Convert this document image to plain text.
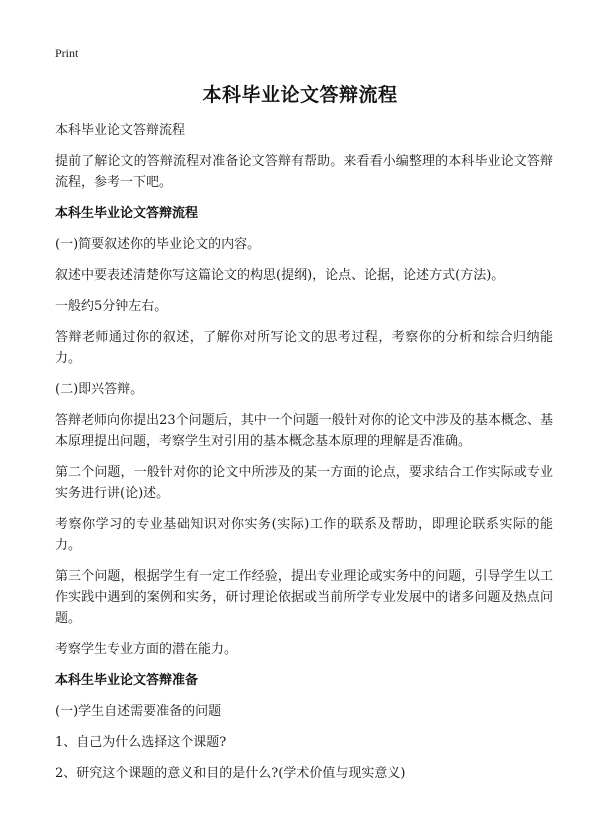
Print
本科毕业论文答辩流程

本科毕业论文答辩流程

提前了解论文的答辩流程对准备论文答辩有帮助。来看看小编整理的本科毕业论文答辩流程，参考一下吧。

本科生毕业论文答辩流程

(一)简要叙述你的毕业论文的内容。

叙述中要表述清楚你写这篇论文的构思(提纲)，论点、论据，论述方式(方法)。

一般约5分钟左右。

答辩老师通过你的叙述，了解你对所写论文的思考过程，考察你的分析和综合归纳能力。

(二)即兴答辩。

答辩老师向你提出23个问题后，其中一个问题一般针对你的论文中涉及的基本概念、基本原理提出问题，考察学生对引用的基本概念基本原理的理解是否准确。

第二个问题，一般针对你的论文中所涉及的某一方面的论点，要求结合工作实际或专业实务进行讲(论)述。

考察你学习的专业基础知识对你实务(实际)工作的联系及帮助，即理论联系实际的能力。

第三个问题，根据学生有一定工作经验，提出专业理论或实务中的问题，引导学生以工作实践中遇到的案例和实务，研讨理论依据或当前所学专业发展中的诸多问题及热点问题。

考察学生专业方面的潜在能力。

本科生毕业论文答辩准备

(一)学生自述需要准备的问题

1、自己为什么选择这个课题?

2、研究这个课题的意义和目的是什么?(学术价值与现实意义)
